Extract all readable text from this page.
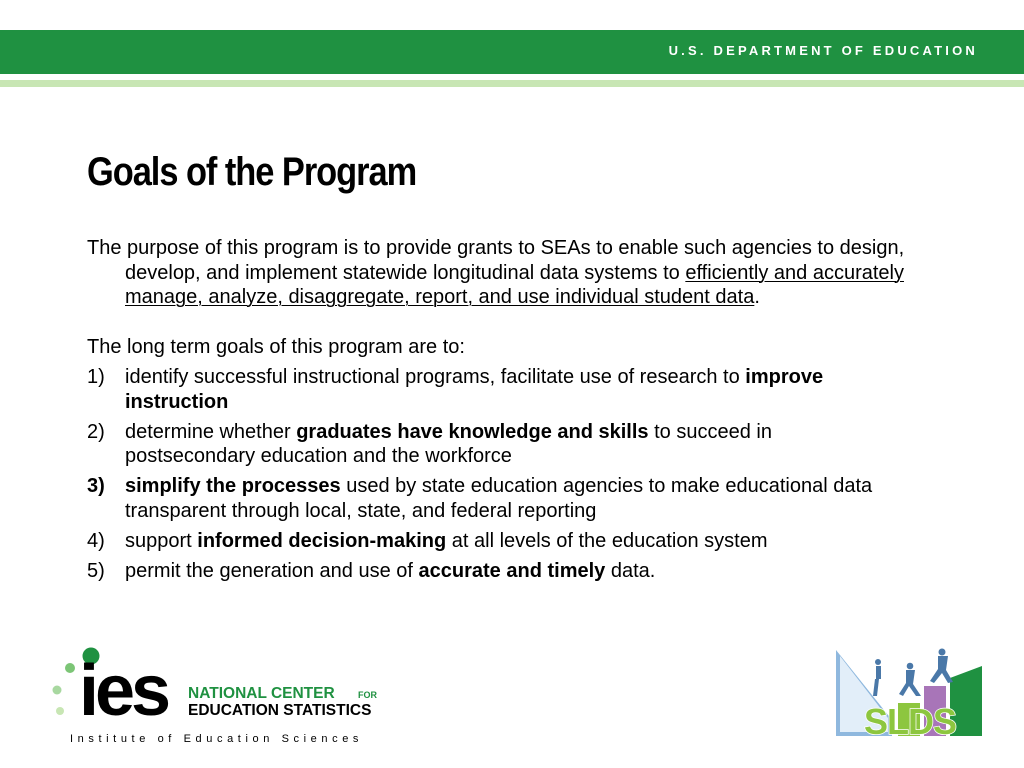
U.S. DEPARTMENT OF EDUCATION
Goals of the Program

The purpose of this program is to provide grants to SEAs to enable such agencies to design, develop, and implement statewide longitudinal data systems to efficiently and accurately manage, analyze, disaggregate, report, and use individual student data.

The long term goals of this program are to:

1) identify successful instructional programs, facilitate use of research to improve instruction
2) determine whether graduates have knowledge and skills to succeed in postsecondary education and the workforce
3) simplify the processes used by state education agencies to make educational data transparent through local, state, and federal reporting
4) support informed decision-making at all levels of the education system
5) permit the generation and use of accurate and timely data.
ies NATIONAL CENTER	FOR
EDUCATION STATISTICS
Institute of Education Sciences	SLDS
